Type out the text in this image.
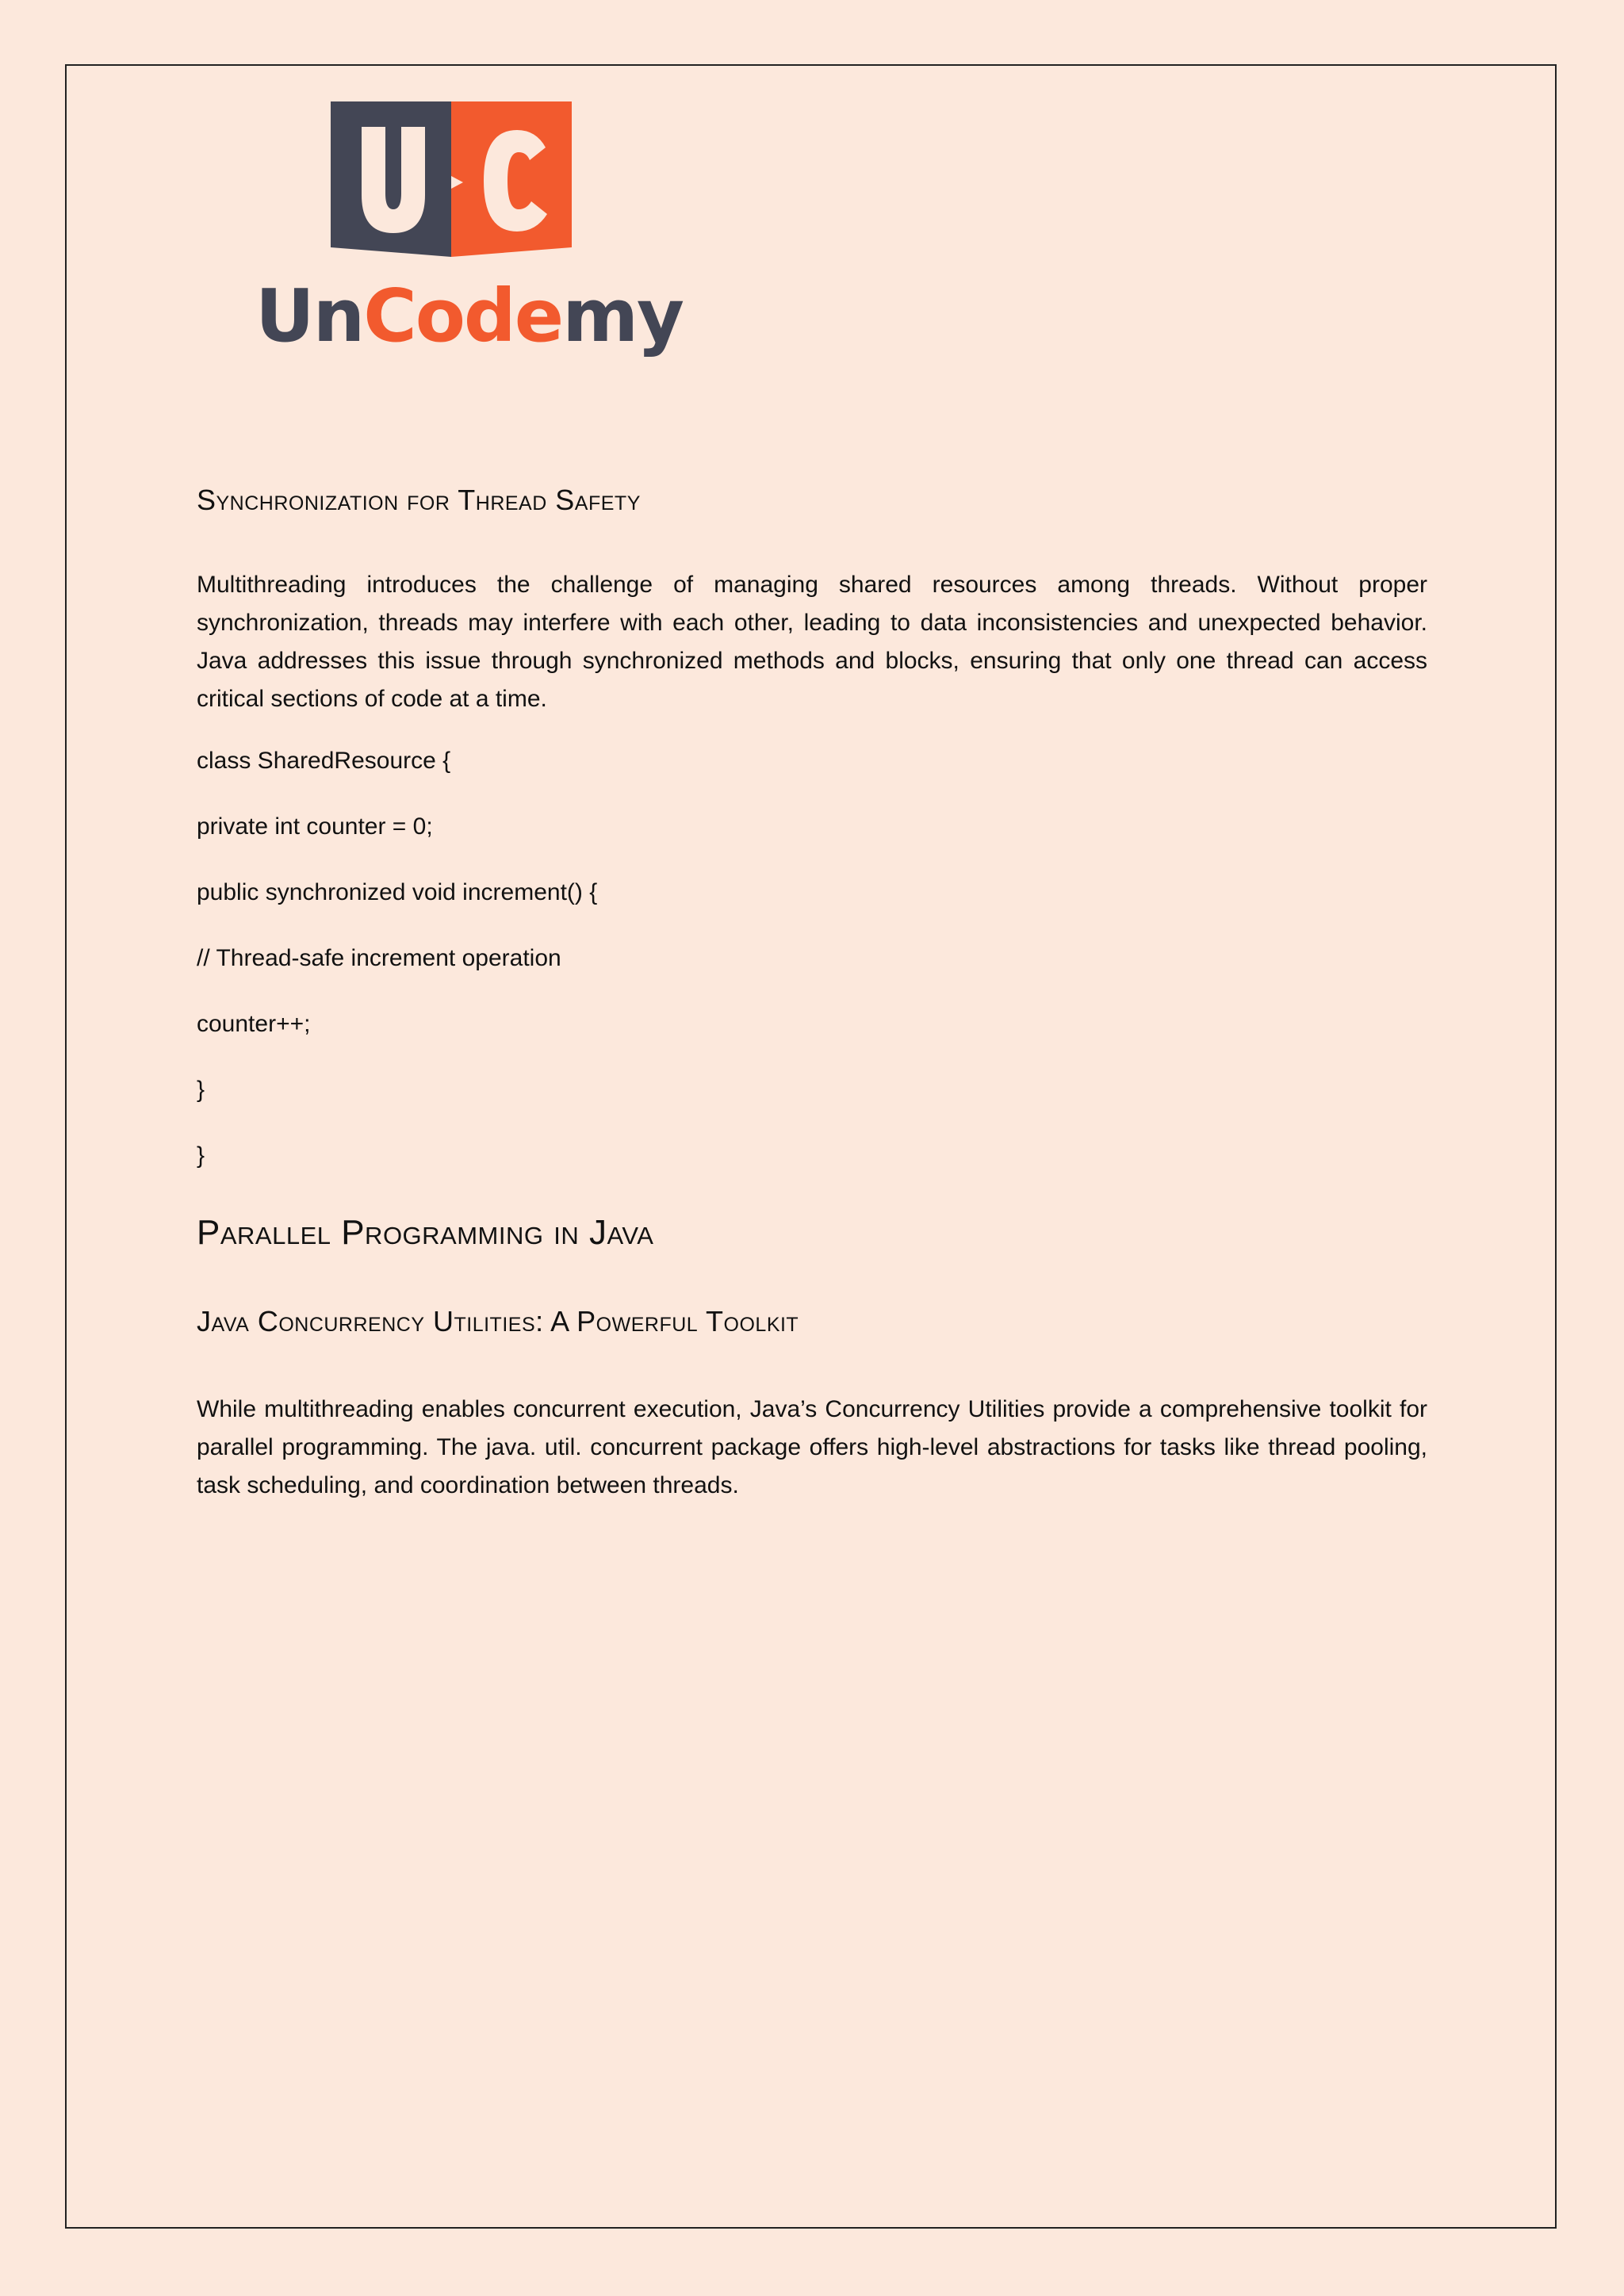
UnCodemy
Synchronization for Thread Safety

Multithreading introduces the challenge of managing shared resources among threads. Without proper synchronization, threads may interfere with each other, leading to data inconsistencies and unexpected behavior. Java addresses this issue through synchronized methods and blocks, ensuring that only one thread can access critical sections of code at a time.

class SharedResource {

private int counter = 0;

public synchronized void increment() {

// Thread-safe increment operation

counter++;

}

}

Parallel Programming in Java
Java Concurrency Utilities: A Powerful Toolkit

While multithreading enables concurrent execution, Java’s Concurrency Utilities provide a comprehensive toolkit for parallel programming. The java. util. concurrent package offers high-level abstractions for tasks like thread pooling, task scheduling, and coordination between threads.
